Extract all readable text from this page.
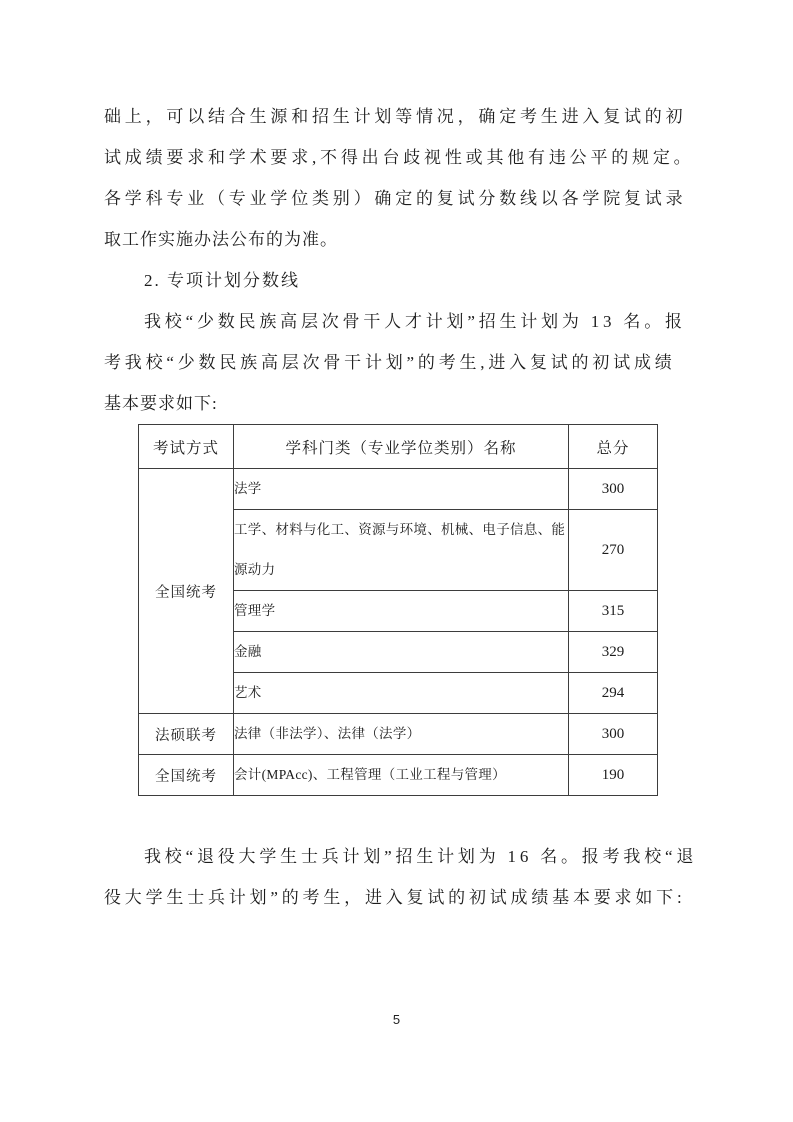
础上，可以结合生源和招生计划等情况，确定考生进入复试的初
试成绩要求和学术要求,不得出台歧视性或其他有违公平的规定。
各学科专业（专业学位类别）确定的复试分数线以各学院复试录
取工作实施办法公布的为准。
2. 专项计划分数线
我校“少数民族高层次骨干人才计划”招生计划为 13 名。报
考我校“少数民族高层次骨干计划”的考生,进入复试的初试成绩
基本要求如下:
考试方式	学科门类（专业学位类别）名称	总分
全国统考	法学	300
	工学、材料与化工、资源与环境、机械、电子信息、能源动力	270
	管理学	315
	金融	329
	艺术	294
法硕联考	法律（非法学）、法律（法学）	300
全国统考	会计(MPAcc)、工程管理（工业工程与管理）	190
我校“退役大学生士兵计划”招生计划为 16 名。报考我校“退
役大学生士兵计划”的考生，进入复试的初试成绩基本要求如下:
5
